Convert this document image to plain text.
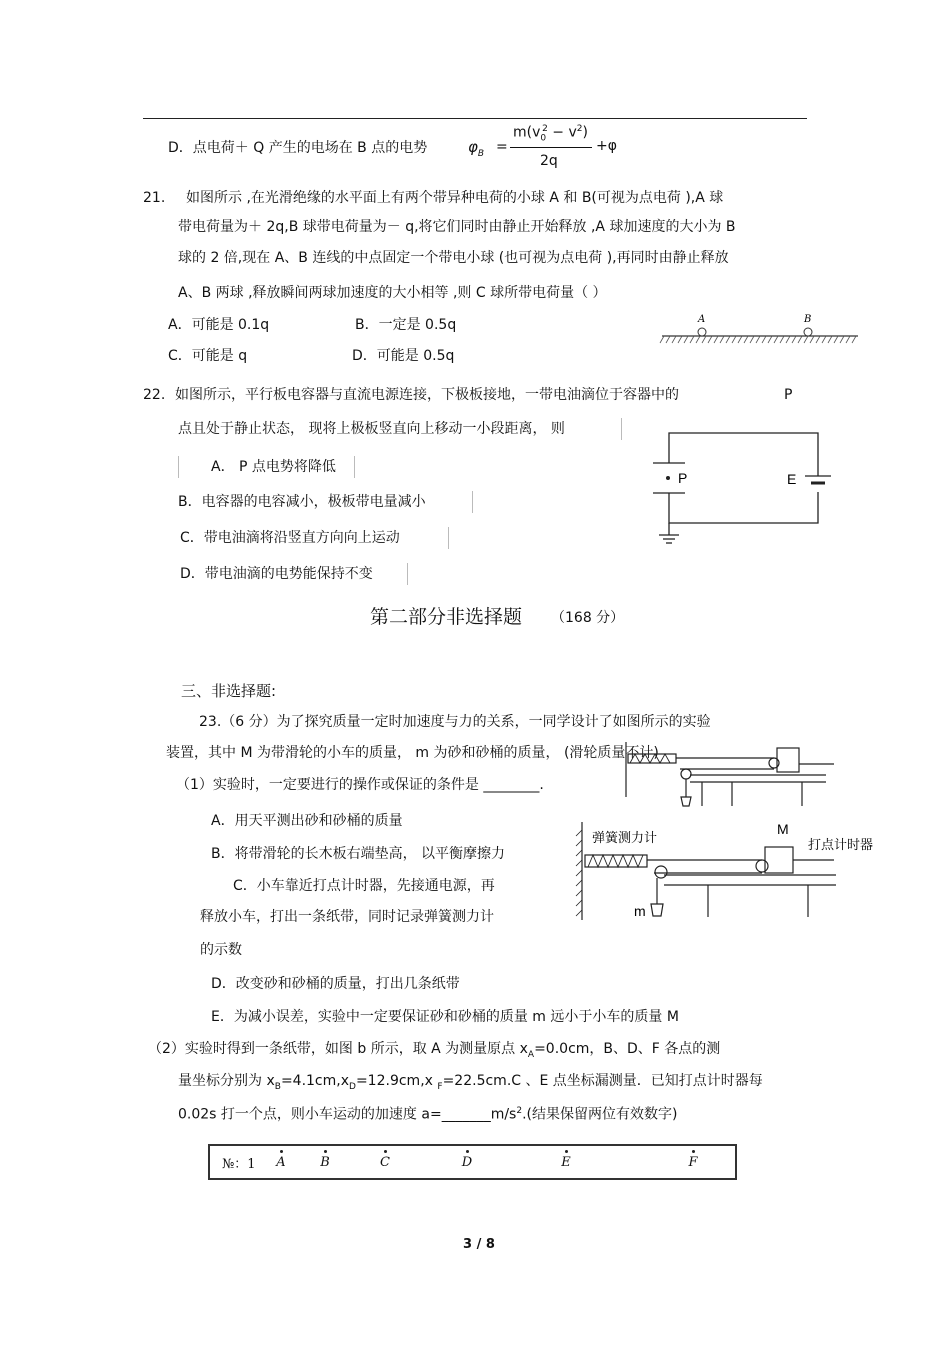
D．点电荷＋ Q 产生的电场在 B 点的电势	$\varphi_B$ =
$m(v_0^2 - v^2)$
2q
+φ
21. 如图所示 ,在光滑绝缘的水平面上有两个带异种电荷的小球 A 和 B(可视为点电荷 ),A 球
带电荷量为＋ 2q,B 球带电荷量为－ q,将它们同时由静止开始释放 ,A 球加速度的大小为 B
球的 2 倍,现在 A、B 连线的中点固定一个带电小球 (也可视为点电荷 ),再同时由静止释放
A、B 两球 ,释放瞬间两球加速度的大小相等 ,则 C 球所带电荷量（ ）
A．可能是 0.1q	B．一定是 0.5q
C．可能是 q	D．可能是 0.5q
A	B
22. 如图所示，平行板电容器与直流电源连接，下极板接地，一带电油滴位于容器中的	P
点且处于静止状态， 现将上极板竖直向上移动一小段距离， 则
A． P 点电势将降低
B．电容器的电容减小，极板带电量减小
C．带电油滴将沿竖直方向向上运动
D．带电油滴的电势能保持不变
P	E
第二部分非选择题 （168 分）
三、非选择题:
23.（6 分）为了探究质量一定时加速度与力的关系，一同学设计了如图所示的实验
装置，其中 M 为带滑轮的小车的质量， m 为砂和砂桶的质量， (滑轮质量不计)
（1）实验时，一定要进行的操作或保证的条件是 ________.
A．用天平测出砂和砂桶的质量
B．将带滑轮的长木板右端垫高， 以平衡摩擦力
C．小车靠近打点计时器，先接通电源，再
释放小车，打出一条纸带，同时记录弹簧测力计
的示数
D．改变砂和砂桶的质量，打出几条纸带
E．为减小误差，实验中一定要保证砂和砂桶的质量 m 远小于小车的质量 M
弹簧测力计
M
打点计时器
m
（2）实验时得到一条纸带，如图 b 所示，取 A 为测量原点 $x_A=0.0cm$，B、D、F 各点的测
量坐标分别为 $x_B=4.1cm,x_D=12.9cm,x$ $_F$=22.5cm.C 、E 点坐标漏测量．已知打点计时器每
0.02s 打一个点，则小车运动的加速度 $a=\_\_\_\_\_\_\_m/s^2$.(结果保留两位有效数字)
№：1 A	B	C	D	E	F
3 / 8
